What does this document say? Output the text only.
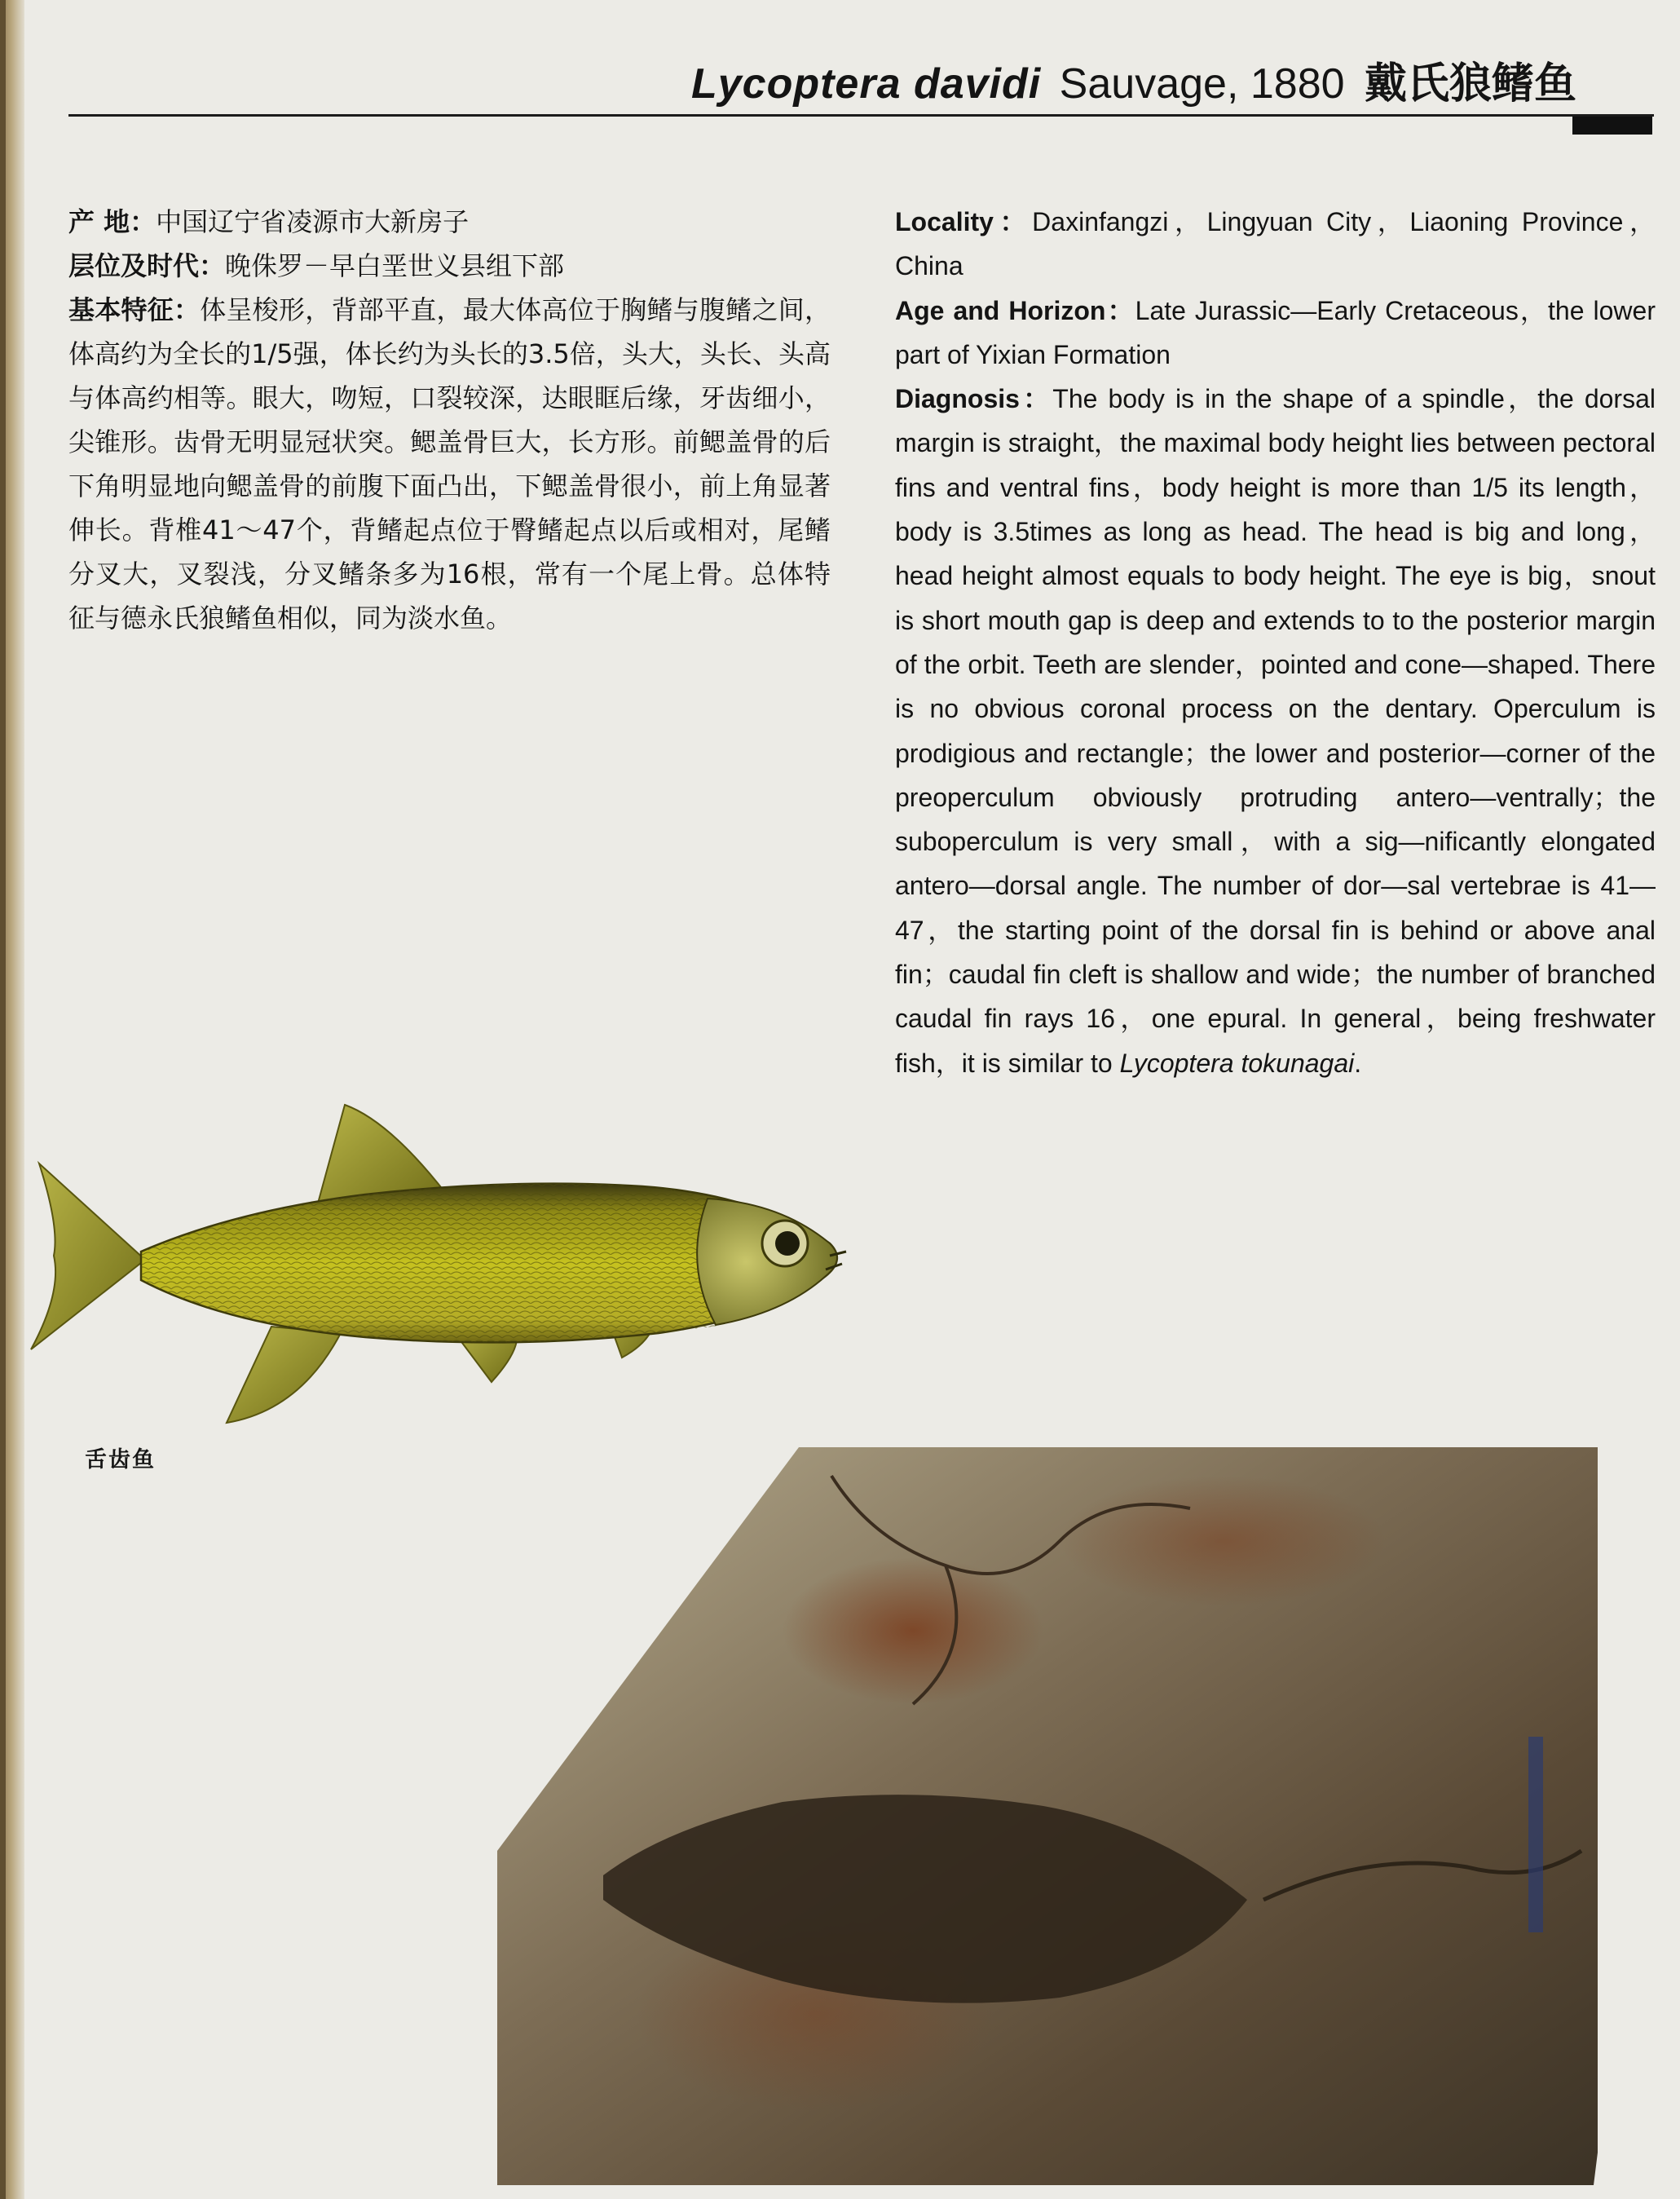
Lycoptera davidi Sauvage, 1880 戴氏狼鳍鱼

产 地：中国辽宁省凌源市大新房子

层位及时代：晚侏罗－早白垩世义县组下部

基本特征：体呈梭形，背部平直，最大体高位于胸鳍与腹鳍之间，体高约为全长的1/5强，体长约为头长的3.5倍，头大，头长、头高与体高约相等。眼大，吻短，口裂较深，达眼眶后缘，牙齿细小，尖锥形。齿骨无明显冠状突。鳃盖骨巨大，长方形。前鳃盖骨的后下角明显地向鳃盖骨的前腹下面凸出，下鳃盖骨很小，前上角显著伸长。背椎41～47个，背鳍起点位于臀鳍起点以后或相对，尾鳍分叉大，叉裂浅，分叉鳍条多为16根，常有一个尾上骨。总体特征与德永氏狼鳍鱼相似，同为淡水鱼。

Locality：Daxinfangzi，Lingyuan City，Liaoning Province，China

Age and Horizon：Late Jurassic—Early Cretaceous，the lower part of Yixian Formation

Diagnosis：The body is in the shape of a spindle，the dorsal margin is straight，the maximal body height lies between pectoral fins and ventral fins，body height is more than 1/5 its length，body is 3.5times as long as head. The head is big and long，head height almost equals to body height. The eye is big，snout is short mouth gap is deep and extends to to the posterior margin of the orbit. Teeth are slender，pointed and cone—shaped. There is no obvious coronal process on the dentary. Operculum is prodigious and rectangle；the lower and posterior—corner of the preoperculum obviously protruding antero—ventrally；the suboperculum is very small，with a sig—nificantly elongated antero—dorsal angle. The number of dor—sal vertebrae is 41—47，the starting point of the dorsal fin is behind or above anal fin；caudal fin cleft is shallow and wide；the number of branched caudal fin rays 16，one epural. In general，being freshwater fish，it is similar to Lycoptera tokunagai.

舌齿鱼
